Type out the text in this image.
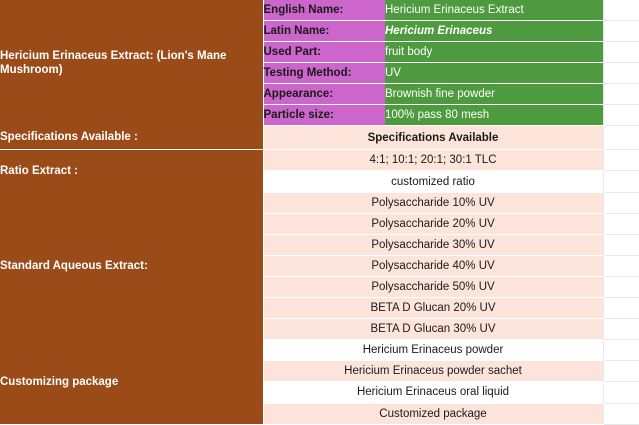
Hericium Erinaceus Extract: (Lion's Mane Mushroom)	English Name:	Hericium Erinaceus Extract	
	Latin Name:	Hericium Erinaceus	
	Used Part:	fruit body	
	Testing Method:	UV	
	Appearance:	Brownish fine powder	
	Particle size:	100% pass 80 mesh	
Specifications Available :	Specifications Available		
Ratio Extract :	4:1; 10:1; 20:1; 30:1 TLC		
	customized ratio		
Standard Aqueous Extract:	Polysaccharide 10% UV		
	Polysaccharide 20% UV		
	Polysaccharide 30% UV		
	Polysaccharide 40% UV		
	Polysaccharide 50% UV		
	BETA D Glucan 20% UV		
	BETA D Glucan 30% UV		
Customizing package	Hericium Erinaceus powder		
	Hericium Erinaceus powder sachet		
	Hericium Erinaceus oral liquid		
	Customized package		
